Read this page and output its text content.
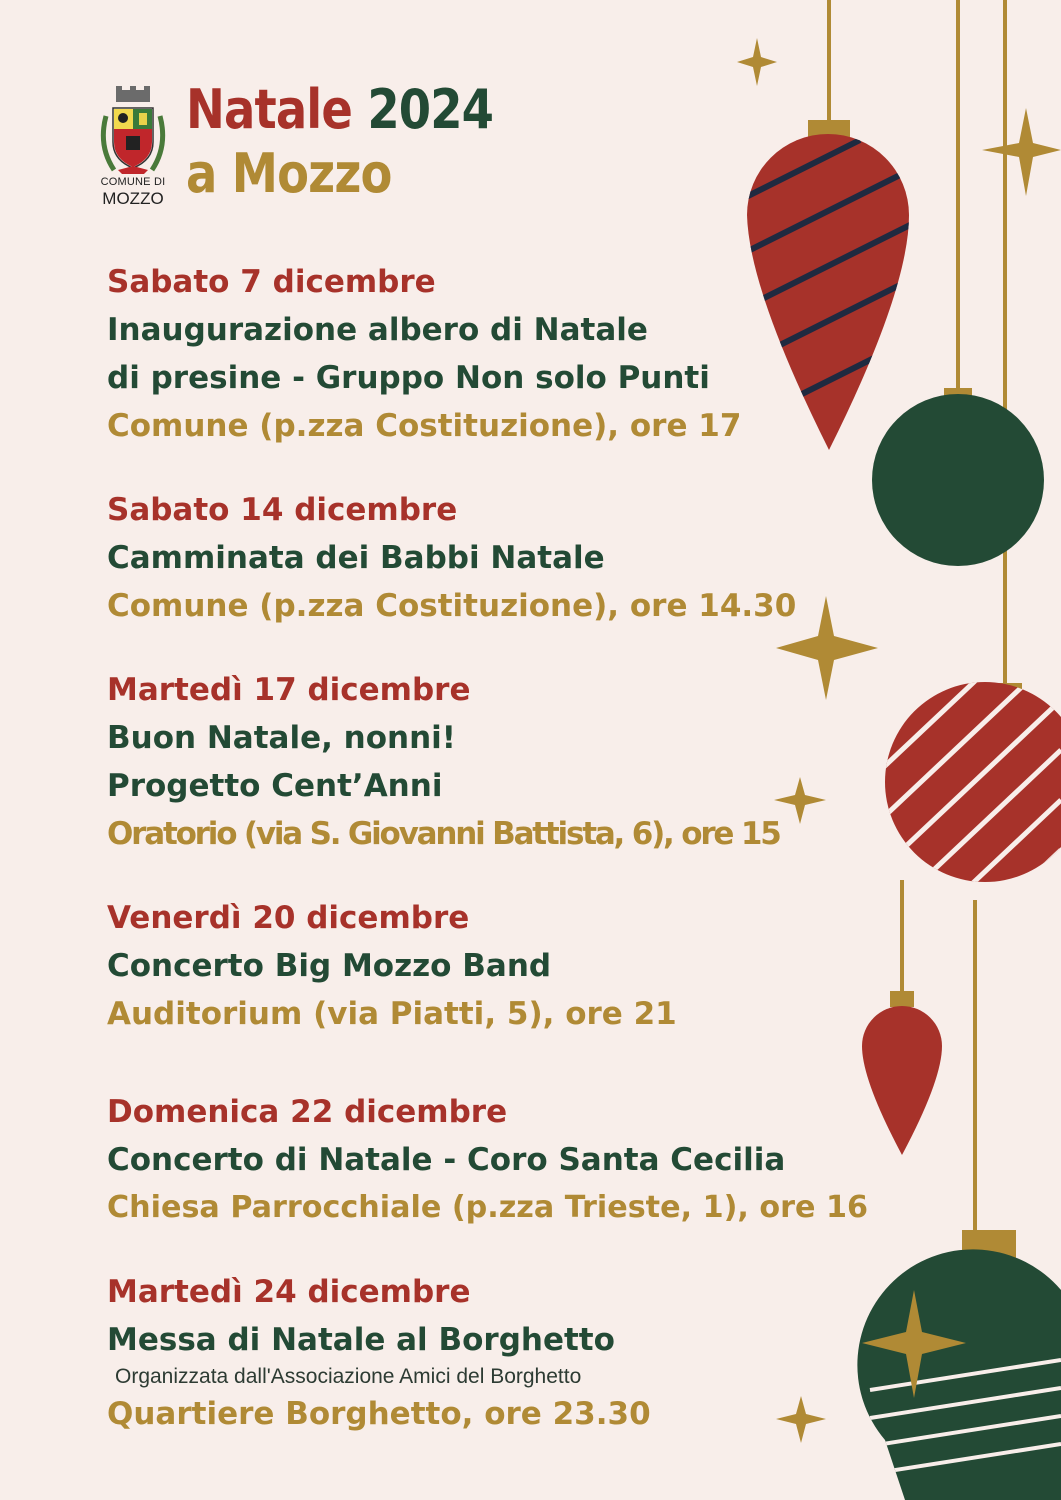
COMUNE DI
MOZZO
Natale 2024
a Mozzo
Sabato 7 dicembre
Inaugurazione albero di Natale
di presine - Gruppo Non solo Punti
Comune (p.zza Costituzione), ore 17
Sabato 14 dicembre
Camminata dei Babbi Natale
Comune (p.zza Costituzione), ore 14.30
Martedì 17 dicembre
Buon Natale, nonni!
Progetto Cent’Anni
Oratorio (via S. Giovanni Battista, 6), ore 15
Venerdì 20 dicembre
Concerto Big Mozzo Band
Auditorium (via Piatti, 5), ore 21
Domenica 22 dicembre
Concerto di Natale - Coro Santa Cecilia
Chiesa Parrocchiale (p.zza Trieste, 1), ore 16
Martedì 24 dicembre
Messa di Natale al Borghetto
Organizzata dall'Associazione Amici del Borghetto
Quartiere Borghetto, ore 23.30
